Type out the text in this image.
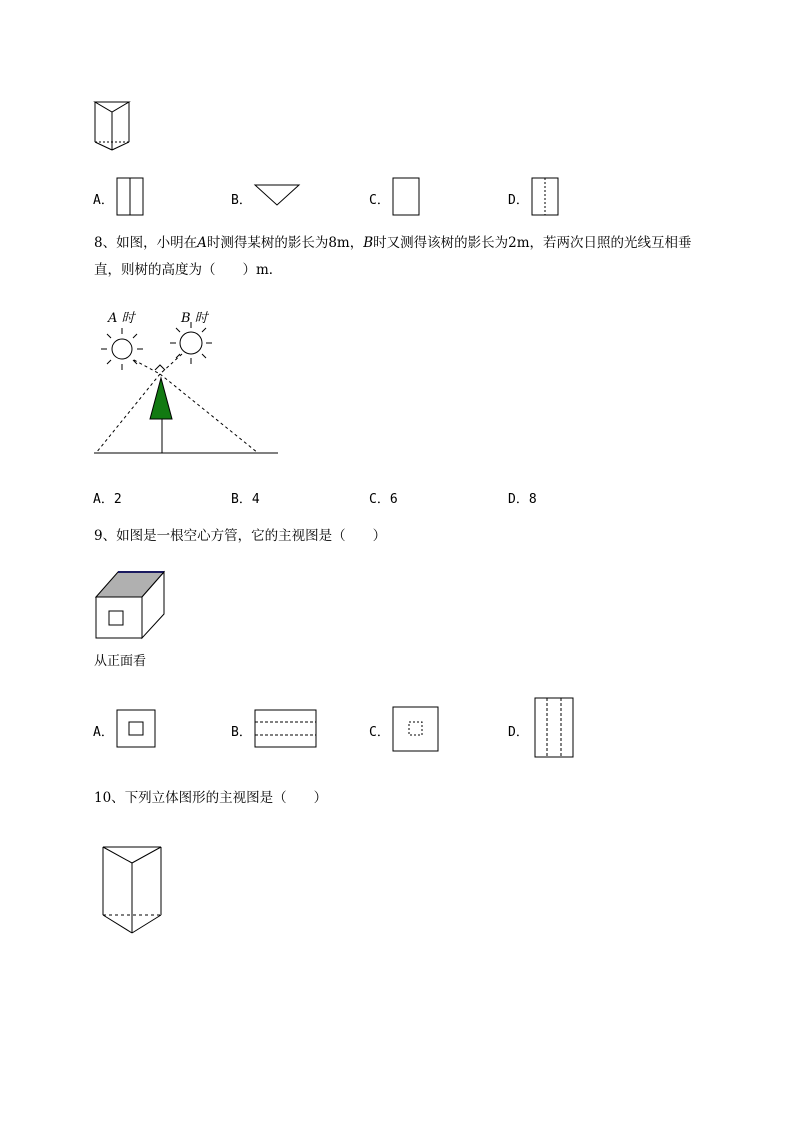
A．	B．	C．	D．
8、如图，小明在A时测得某树的影长为8m，B时又测得该树的影长为2m，若两次日照的光线互相垂
直，则树的高度为（　　）m．
A 时	B 时
A．2	B．4	C．6	D．8
9、如图是一根空心方管，它的主视图是（　　）
从正面看
A．	B．	C．	D．
10、下列立体图形的主视图是（　　）
